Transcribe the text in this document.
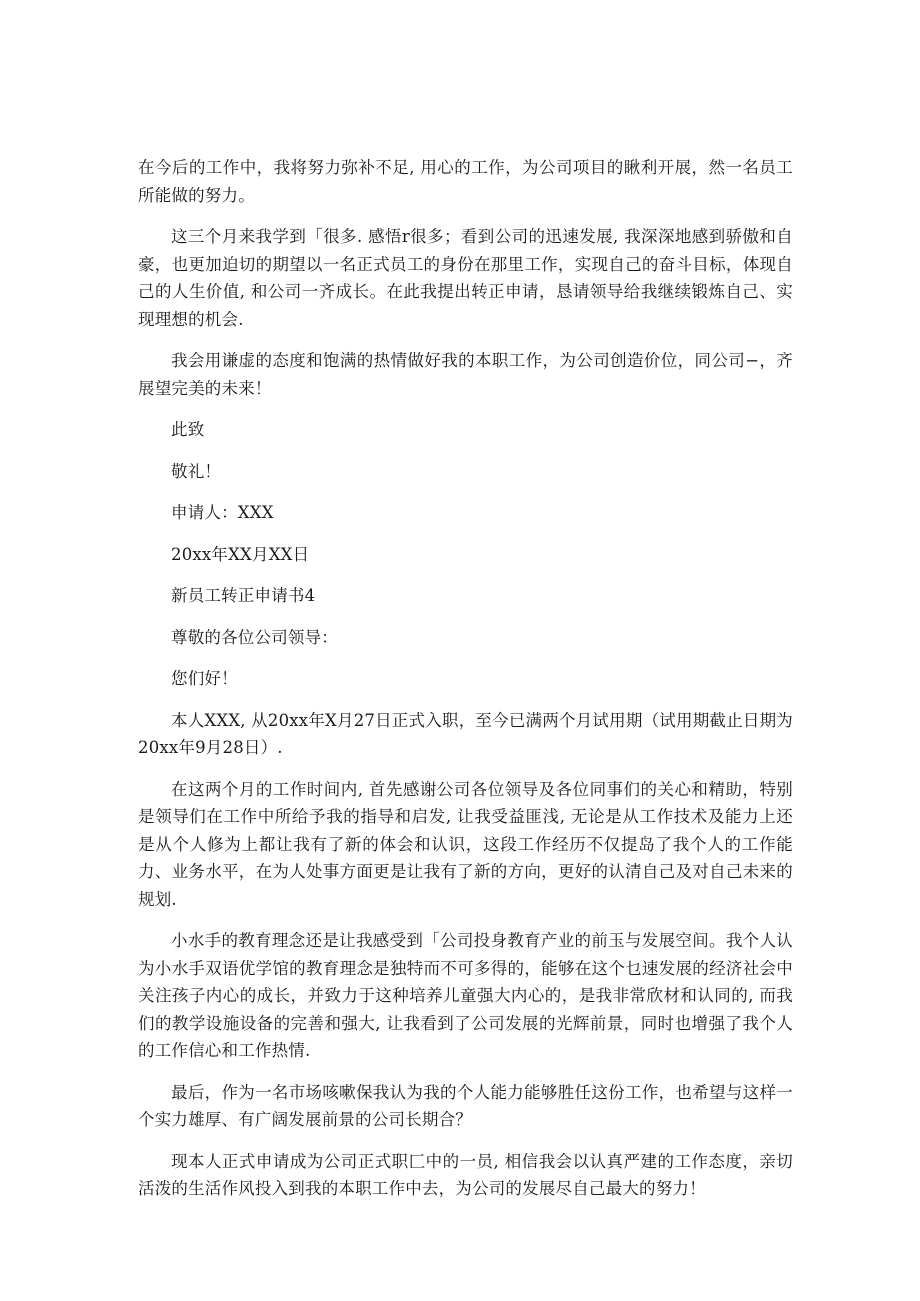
在今后的工作中，我将努力弥补不足, 用心的工作，为公司项目的瞅利开展，然一名员工所能做的努力。

这三个月来我学到「很多. 感悟r很多；看到公司的迅速发展, 我深深地感到骄傲和自豪，也更加迫切的期望以一名正式员工的身份在那里工作，实现自己的奋斗目标，体现自己的人生价值, 和公司一齐成长。在此我提出转正申请，恳请领导给我继续锻炼自己、实现理想的机会.

我会用谦虚的态度和饱满的热情做好我的本职工作，为公司创造价位，同公司−，齐展望完美的未来！

此致

敬礼！

申请人：XXX

20xx年XX月XX日

新员工转正申请书4

尊敬的各位公司领导：

您们好！

本人XXX, 从20xx年X月27日正式入职，至今已满两个月试用期（试用期截止日期为20xx年9月28日）.

在这两个月的工作时间内, 首先感谢公司各位领导及各位同事们的关心和精助，特别是领导们在工作中所给予我的指导和启发, 让我受益匪浅, 无论是从工作技术及能力上还是从个人修为上都让我有了新的体会和认识，这段工作经历不仅提岛了我个人的工作能力、业务水平，在为人处事方面更是让我有了新的方向，更好的认清自己及对自己未来的规划.

小水手的教育理念还是让我感受到「公司投身教育产业的前玉与发展空间。我个人认为小水手双语优学馆的教育理念是独特而不可多得的，能够在这个乜速发展的经济社会中关注孩子内心的成长，并致力于这种培养儿童强大内心的，是我非常欣材和认同的, 而我们的教学设施设备的完善和强大, 让我看到了公司发展的光辉前景，同时也增强了我个人的工作信心和工作热情.

最后，作为一名市场咳嗽保我认为我的个人能力能够胜任这份工作，也希望与这样一个实力雄厚、有广阔发展前景的公司长期合？

现本人正式申请成为公司正式职匚中的一员, 相信我会以认真严建的工作态度，亲切活泼的生活作风投入到我的本职工作中去，为公司的发展尽自己最大的努力！
